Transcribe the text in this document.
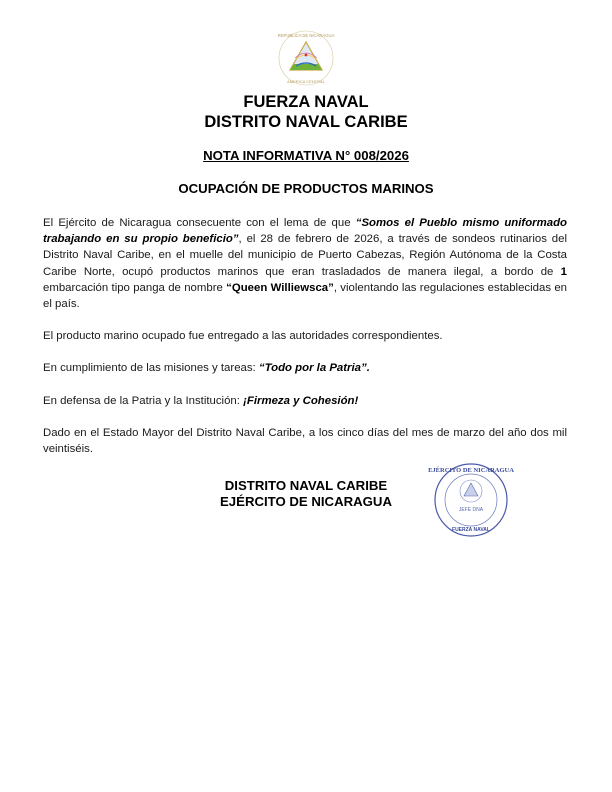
REPUBLICA DE NICARAGUA
AMERICA CENTRAL
FUERZA NAVAL
DISTRITO NAVAL CARIBE
NOTA INFORMATIVA N° 008/2026
OCUPACIÓN DE PRODUCTOS MARINOS
El Ejército de Nicaragua consecuente con el lema de que “Somos el Pueblo mismo uniformado trabajando en su propio beneficio”, el 28 de febrero de 2026, a través de sondeos rutinarios del Distrito Naval Caribe, en el muelle del municipio de Puerto Cabezas, Región Autónoma de la Costa Caribe Norte, ocupó productos marinos que eran trasladados de manera ilegal, a bordo de 1 embarcación tipo panga de nombre “Queen Williewsca”, violentando las regulaciones establecidas en el país.
El producto marino ocupado fue entregado a las autoridades correspondientes.
En cumplimiento de las misiones y tareas: “Todo por la Patria”.
En defensa de la Patria y la Institución: ¡Firmeza y Cohesión!
Dado en el Estado Mayor del Distrito Naval Caribe, a los cinco días del mes de marzo del año dos mil veintiséis.
DISTRITO NAVAL CARIBE
EJÉRCITO DE NICARAGUA
EJÉRCITO DE NICARAGUA
JEFE DNA
FUERZA NAVAL
